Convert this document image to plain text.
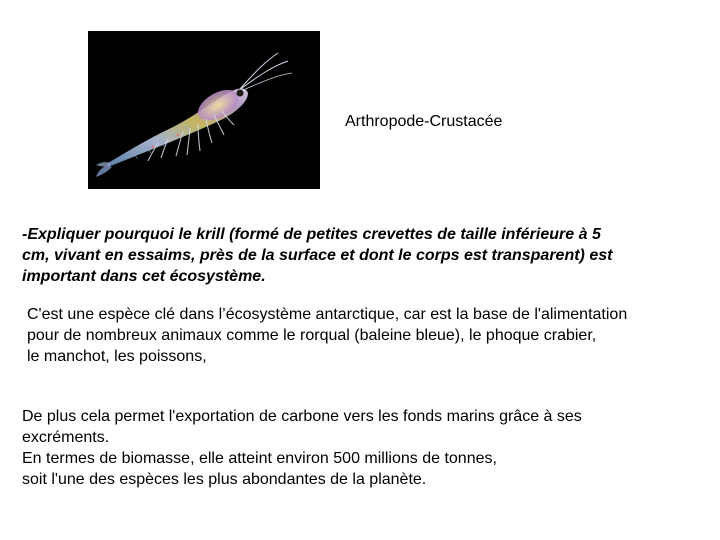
Arthropode-Crustacée
-Expliquer pourquoi le krill (formé de petites crevettes de taille inférieure à 5
cm, vivant en essaims, près de la surface et dont le corps est transparent) est
important dans cet écosystème.
C'est une espèce clé dans l’écosystème antarctique, car est la base de l'alimentation
pour de nombreux animaux comme le rorqual (baleine bleue), le phoque crabier,
le manchot, les poissons,
De plus cela permet l'exportation de carbone vers les fonds marins grâce à ses
excréments.
En termes de biomasse, elle atteint environ 500 millions de tonnes,
soit l'une des espèces les plus abondantes de la planète.
